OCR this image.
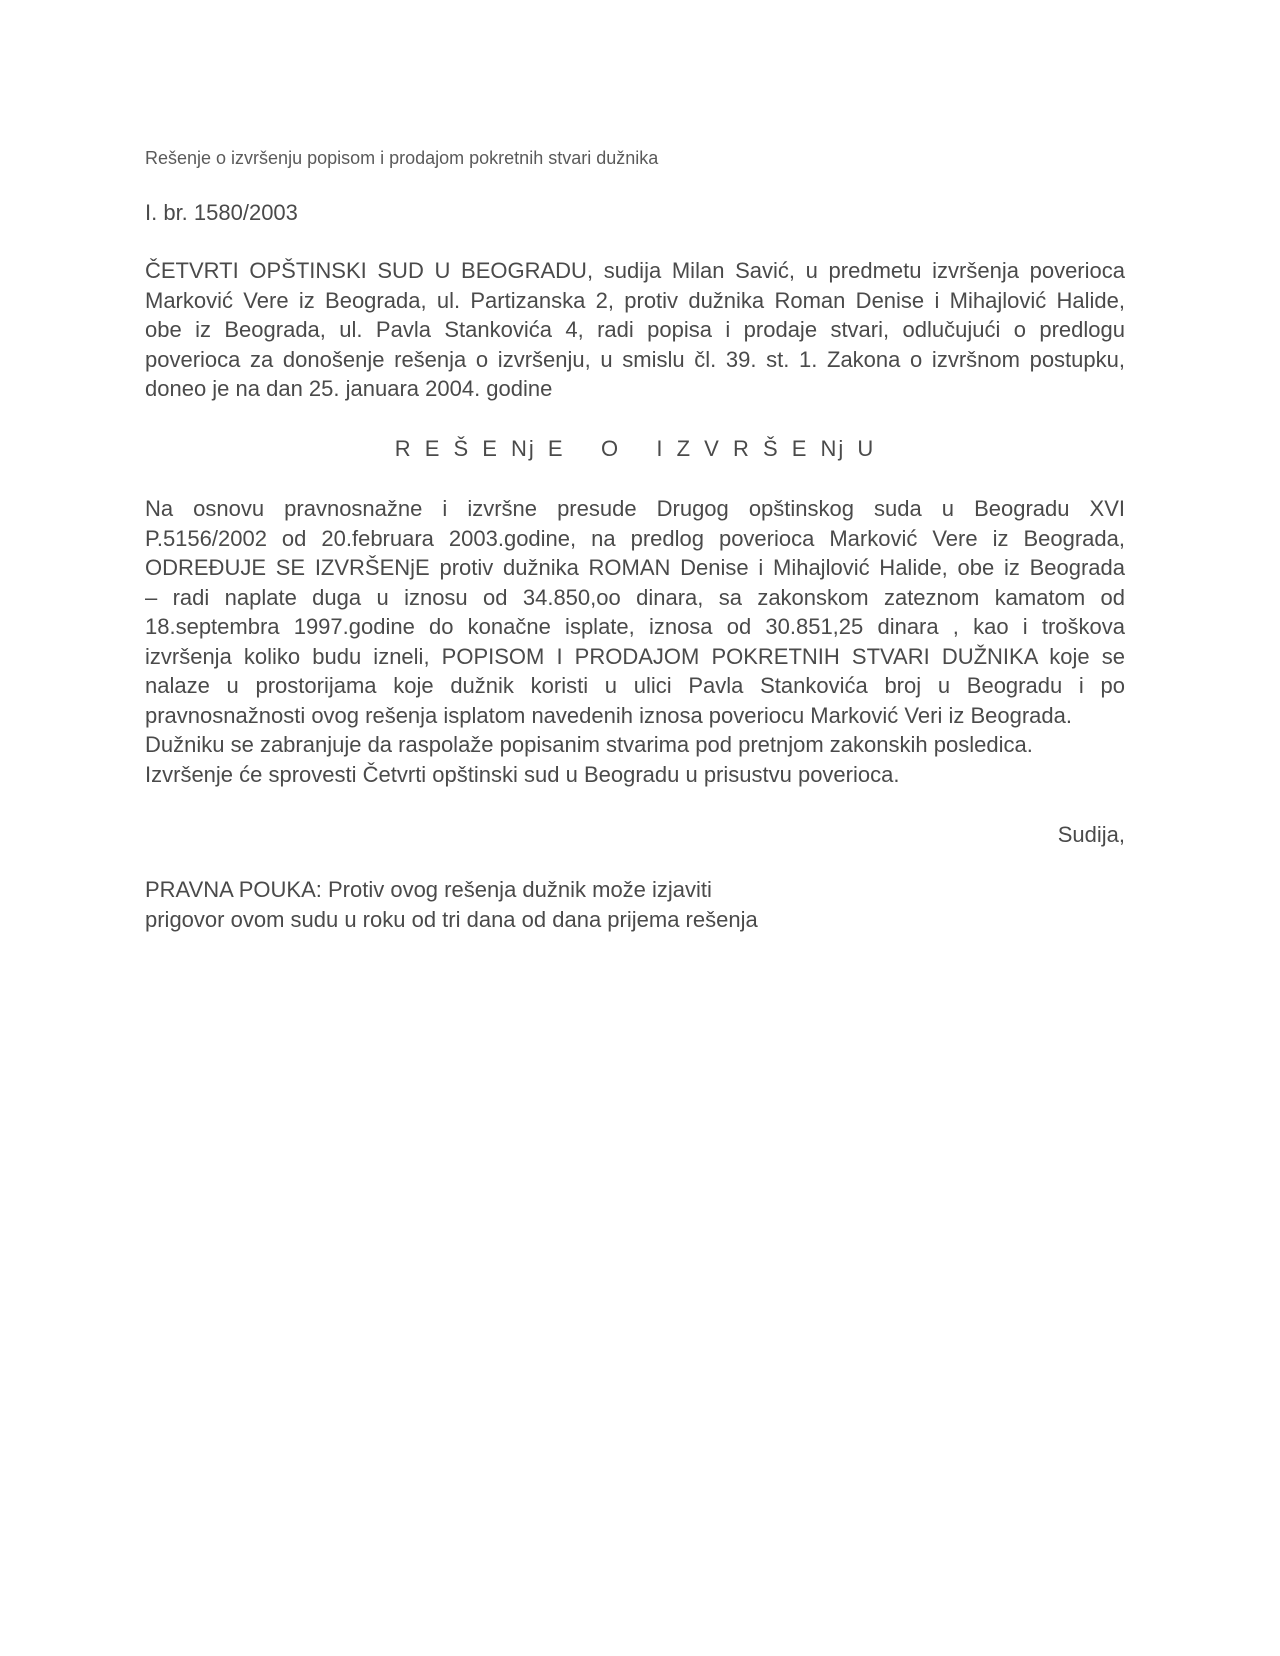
Rešenje o izvršenju popisom i prodajom pokretnih stvari dužnika
I. br. 1580/2003
ČETVRTI OPŠTINSKI SUD U BEOGRADU, sudija Milan Savić, u predmetu izvršenja poverioca
Marković Vere iz Beograda, ul. Partizanska 2, protiv dužnika Roman Denise i Mihajlović Halide,
obe iz Beograda, ul. Pavla Stankovića 4, radi popisa i prodaje stvari, odlučujući o predlogu
poverioca za donošenje rešenja o izvršenju, u smislu čl. 39. st. 1. Zakona o izvršnom postupku,
doneo je na dan 25. januara 2004. godine
R E Š E Nj E   O   I Z V R Š E Nj U
Na osnovu pravnosnažne i izvršne presude Drugog opštinskog suda u Beogradu XVI
P.5156/2002 od 20.februara 2003.godine, na predlog poverioca Marković Vere iz Beograda,
ODREĐUJE SE IZVRŠENjE protiv dužnika ROMAN Denise i Mihajlović Halide, obe iz Beograda
– radi naplate duga u iznosu od 34.850,oo dinara, sa zakonskom zateznom kamatom od
18.septembra 1997.godine do konačne isplate, iznosa od 30.851,25 dinara , kao i troškova
izvršenja koliko budu izneli, POPISOM I PRODAJOM POKRETNIH STVARI DUŽNIKA koje se
nalaze u prostorijama koje dužnik koristi u ulici Pavla Stankovića broj u Beogradu i po
pravnosnažnosti ovog rešenja isplatom navedenih iznosa poveriocu Marković Veri iz Beograda.
Dužniku se zabranjuje da raspolaže popisanim stvarima pod pretnjom zakonskih posledica.
Izvršenje će sprovesti Četvrti opštinski sud u Beogradu u prisustvu poverioca.
Sudija,
PRAVNA POUKA: Protiv ovog rešenja dužnik može izjaviti
prigovor ovom sudu u roku od tri dana od dana prijema rešenja
